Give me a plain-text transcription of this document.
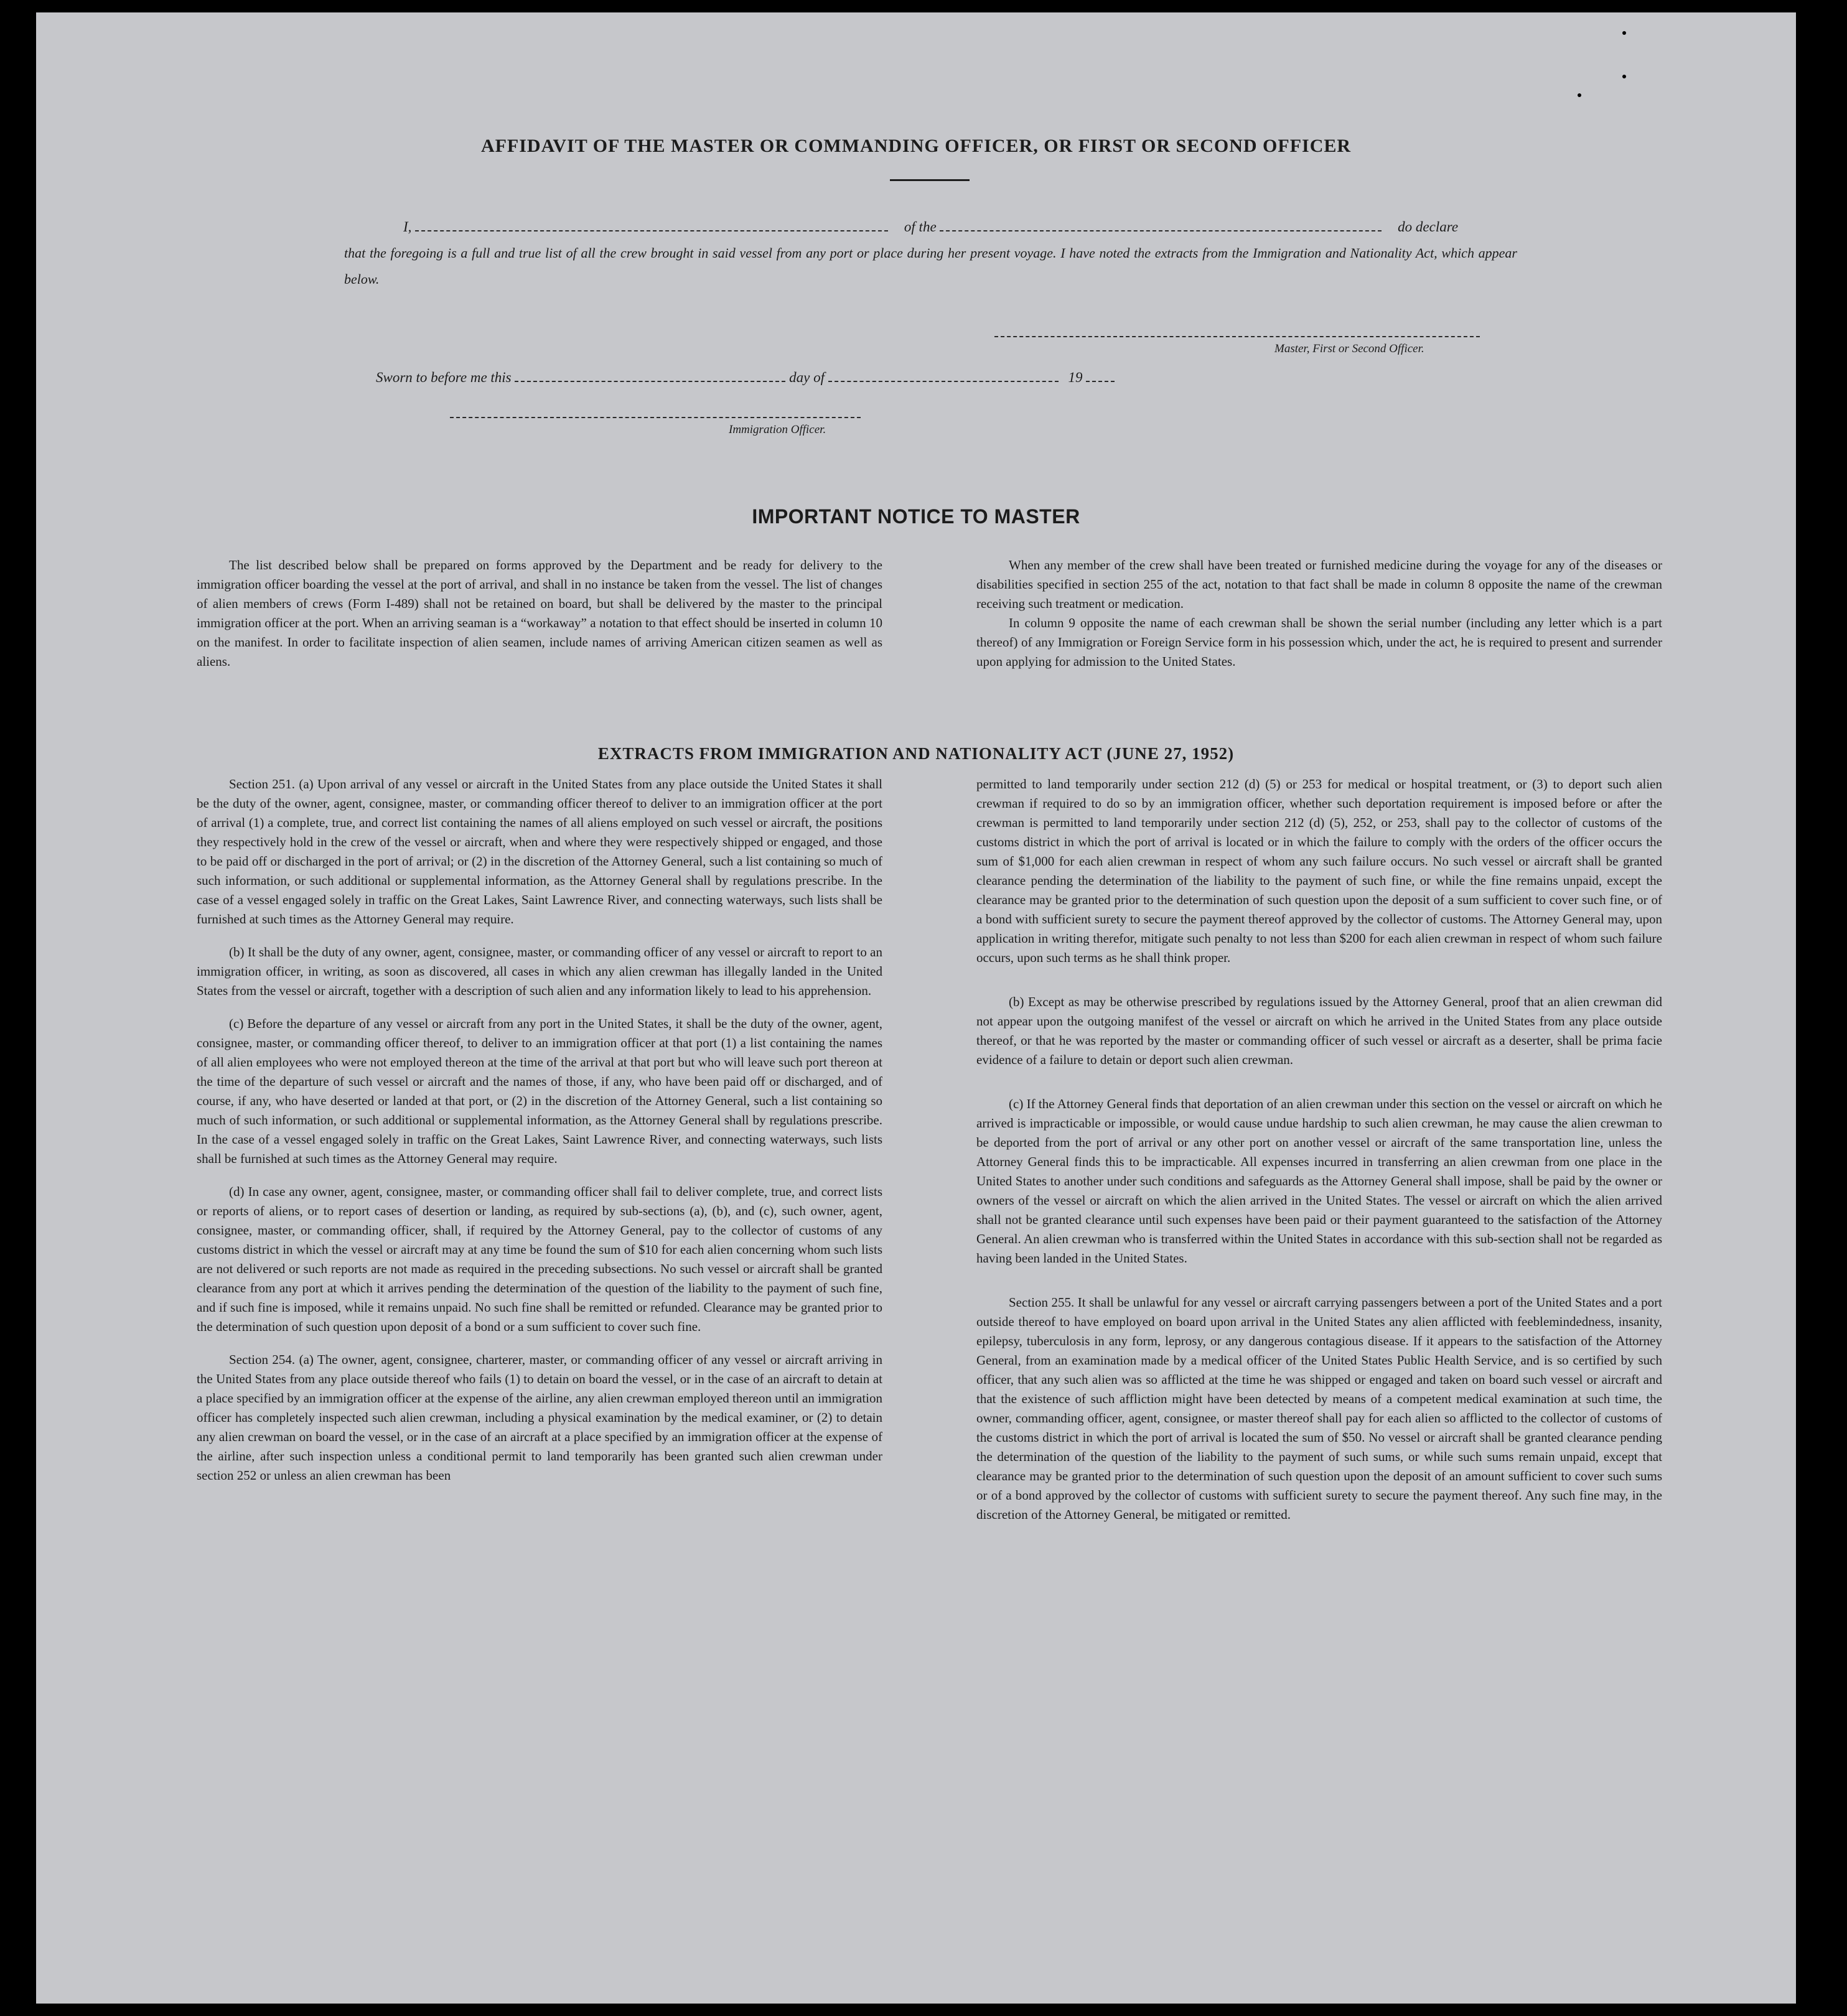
AFFIDAVIT OF THE MASTER OR COMMANDING OFFICER, OR FIRST OR SECOND OFFICER
I,	of the	do declare
that the foregoing is a full and true list of all the crew brought in said vessel from any port or place during her present voyage. I have noted the extracts from the Immigration and Nationality Act, which appear below.
Master, First or Second Officer.
Sworn to before me this	day of	19
Immigration Officer.
IMPORTANT NOTICE TO MASTER

The list described below shall be prepared on forms approved by the Department and be ready for delivery to the immigration officer boarding the vessel at the port of arrival, and shall in no instance be taken from the vessel. The list of changes of alien members of crews (Form I-489) shall not be retained on board, but shall be delivered by the master to the principal immigration officer at the port. When an arriving seaman is a “workaway” a notation to that effect should be inserted in column 10 on the manifest. In order to facilitate inspection of alien seamen, include names of arriving American citizen seamen as well as aliens.

When any member of the crew shall have been treated or furnished medicine during the voyage for any of the diseases or disabilities specified in section 255 of the act, notation to that fact shall be made in column 8 opposite the name of the crewman receiving such treatment or medication.

In column 9 opposite the name of each crewman shall be shown the serial number (including any letter which is a part thereof) of any Immigration or Foreign Service form in his possession which, under the act, he is required to present and surrender upon applying for admission to the United States.

EXTRACTS FROM IMMIGRATION AND NATIONALITY ACT (JUNE 27, 1952)

Section 251. (a) Upon arrival of any vessel or aircraft in the United States from any place outside the United States it shall be the duty of the owner, agent, consignee, master, or commanding officer thereof to deliver to an immigration officer at the port of arrival (1) a complete, true, and correct list containing the names of all aliens employed on such vessel or aircraft, the positions they respectively hold in the crew of the vessel or aircraft, when and where they were respectively shipped or engaged, and those to be paid off or discharged in the port of arrival; or (2) in the discretion of the Attorney General, such a list containing so much of such information, or such additional or supplemental information, as the Attorney General shall by regulations prescribe. In the case of a vessel engaged solely in traffic on the Great Lakes, Saint Lawrence River, and connecting waterways, such lists shall be furnished at such times as the Attorney General may require.

(b) It shall be the duty of any owner, agent, consignee, master, or commanding officer of any vessel or aircraft to report to an immigration officer, in writing, as soon as discovered, all cases in which any alien crewman has illegally landed in the United States from the vessel or aircraft, together with a description of such alien and any information likely to lead to his apprehension.

(c) Before the departure of any vessel or aircraft from any port in the United States, it shall be the duty of the owner, agent, consignee, master, or commanding officer thereof, to deliver to an immigration officer at that port (1) a list containing the names of all alien employees who were not employed thereon at the time of the arrival at that port but who will leave such port thereon at the time of the departure of such vessel or aircraft and the names of those, if any, who have been paid off or discharged, and of course, if any, who have deserted or landed at that port, or (2) in the discretion of the Attorney General, such a list containing so much of such information, or such additional or supplemental information, as the Attorney General shall by regulations prescribe. In the case of a vessel engaged solely in traffic on the Great Lakes, Saint Lawrence River, and connecting waterways, such lists shall be furnished at such times as the Attorney General may require.

(d) In case any owner, agent, consignee, master, or commanding officer shall fail to deliver complete, true, and correct lists or reports of aliens, or to report cases of desertion or landing, as required by sub-sections (a), (b), and (c), such owner, agent, consignee, master, or commanding officer, shall, if required by the Attorney General, pay to the collector of customs of any customs district in which the vessel or aircraft may at any time be found the sum of $10 for each alien concerning whom such lists are not delivered or such reports are not made as required in the preceding subsections. No such vessel or aircraft shall be granted clearance from any port at which it arrives pending the determination of the question of the liability to the payment of such fine, and if such fine is imposed, while it remains unpaid. No such fine shall be remitted or refunded. Clearance may be granted prior to the determination of such question upon deposit of a bond or a sum sufficient to cover such fine.

Section 254. (a) The owner, agent, consignee, charterer, master, or commanding officer of any vessel or aircraft arriving in the United States from any place outside thereof who fails (1) to detain on board the vessel, or in the case of an aircraft to detain at a place specified by an immigration officer at the expense of the airline, any alien crewman employed thereon until an immigration officer has completely inspected such alien crewman, including a physical examination by the medical examiner, or (2) to detain any alien crewman on board the vessel, or in the case of an aircraft at a place specified by an immigration officer at the expense of the airline, after such inspection unless a conditional permit to land temporarily has been granted such alien crewman under section 252 or unless an alien crewman has been

permitted to land temporarily under section 212 (d) (5) or 253 for medical or hospital treatment, or (3) to deport such alien crewman if required to do so by an immigration officer, whether such deportation requirement is imposed before or after the crewman is permitted to land temporarily under section 212 (d) (5), 252, or 253, shall pay to the collector of customs of the customs district in which the port of arrival is located or in which the failure to comply with the orders of the officer occurs the sum of $1,000 for each alien crewman in respect of whom any such failure occurs. No such vessel or aircraft shall be granted clearance pending the determination of the liability to the payment of such fine, or while the fine remains unpaid, except the clearance may be granted prior to the determination of such question upon the deposit of a sum sufficient to cover such fine, or of a bond with sufficient surety to secure the payment thereof approved by the collector of customs. The Attorney General may, upon application in writing therefor, mitigate such penalty to not less than $200 for each alien crewman in respect of whom such failure occurs, upon such terms as he shall think proper.

(b) Except as may be otherwise prescribed by regulations issued by the Attorney General, proof that an alien crewman did not appear upon the outgoing manifest of the vessel or aircraft on which he arrived in the United States from any place outside thereof, or that he was reported by the master or commanding officer of such vessel or aircraft as a deserter, shall be prima facie evidence of a failure to detain or deport such alien crewman.

(c) If the Attorney General finds that deportation of an alien crewman under this section on the vessel or aircraft on which he arrived is impracticable or impossible, or would cause undue hardship to such alien crewman, he may cause the alien crewman to be deported from the port of arrival or any other port on another vessel or aircraft of the same transportation line, unless the Attorney General finds this to be impracticable. All expenses incurred in transferring an alien crewman from one place in the United States to another under such conditions and safeguards as the Attorney General shall impose, shall be paid by the owner or owners of the vessel or aircraft on which the alien arrived in the United States. The vessel or aircraft on which the alien arrived shall not be granted clearance until such expenses have been paid or their payment guaranteed to the satisfaction of the Attorney General. An alien crewman who is transferred within the United States in accordance with this sub-section shall not be regarded as having been landed in the United States.

Section 255. It shall be unlawful for any vessel or aircraft carrying passengers between a port of the United States and a port outside thereof to have employed on board upon arrival in the United States any alien afflicted with feeblemindedness, insanity, epilepsy, tuberculosis in any form, leprosy, or any dangerous contagious disease. If it appears to the satisfaction of the Attorney General, from an examination made by a medical officer of the United States Public Health Service, and is so certified by such officer, that any such alien was so afflicted at the time he was shipped or engaged and taken on board such vessel or aircraft and that the existence of such affliction might have been detected by means of a competent medical examination at such time, the owner, commanding officer, agent, consignee, or master thereof shall pay for each alien so afflicted to the collector of customs of the customs district in which the port of arrival is located the sum of $50. No vessel or aircraft shall be granted clearance pending the determination of the question of the liability to the payment of such sums, or while such sums remain unpaid, except that clearance may be granted prior to the determination of such question upon the deposit of an amount sufficient to cover such sums or of a bond approved by the collector of customs with sufficient surety to secure the payment thereof. Any such fine may, in the discretion of the Attorney General, be mitigated or remitted.
